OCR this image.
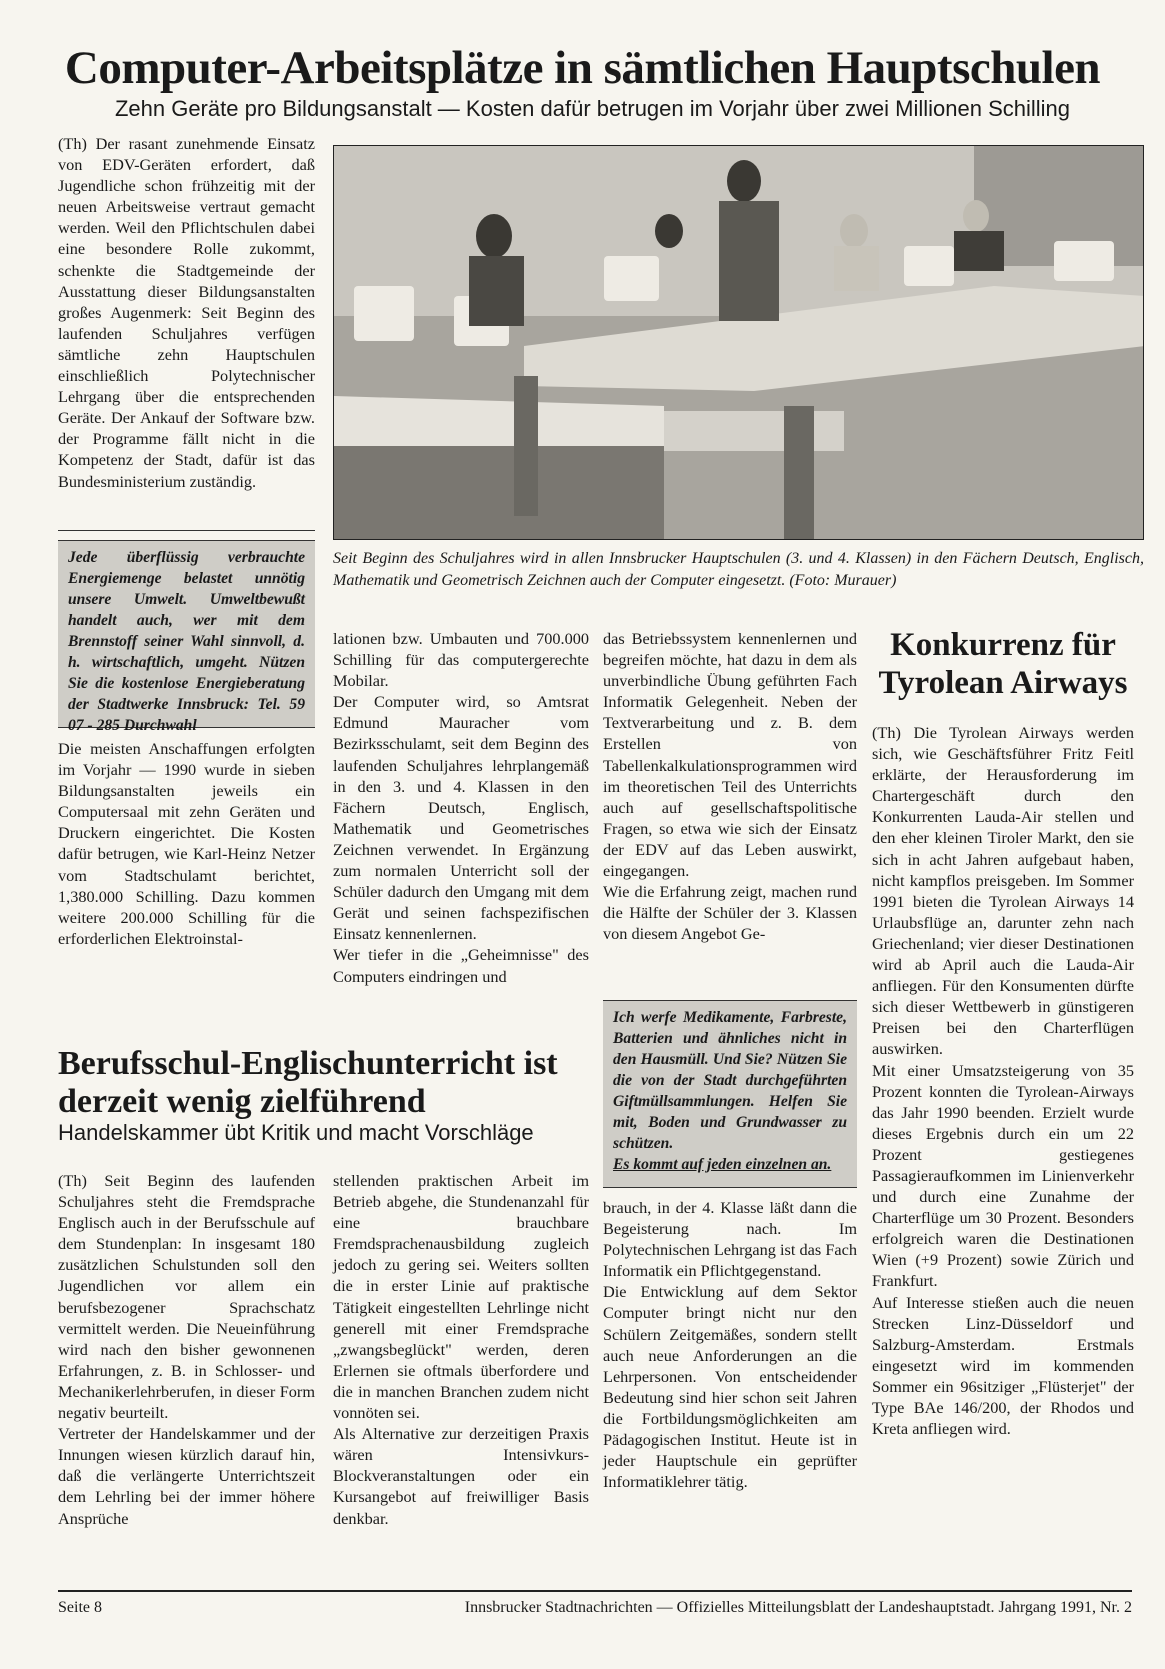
Computer-Arbeitsplätze in sämtlichen Hauptschulen
Zehn Geräte pro Bildungsanstalt — Kosten dafür betrugen im Vorjahr über zwei Millionen Schilling

(Th) Der rasant zunehmende Einsatz von EDV-Geräten erfordert, daß Jugendliche schon frühzeitig mit der neuen Arbeitsweise vertraut gemacht werden. Weil den Pflichtschulen dabei eine besondere Rolle zukommt, schenkte die Stadtgemeinde der Ausstattung dieser Bildungsanstalten großes Augenmerk: Seit Beginn des laufenden Schuljahres verfügen sämtliche zehn Hauptschulen einschließlich Polytechnischer Lehrgang über die entsprechenden Geräte. Der Ankauf der Software bzw. der Programme fällt nicht in die Kompetenz der Stadt, dafür ist das Bundesministerium zuständig.

Jede überflüssig verbrauchte Energiemenge belastet unnötig unsere Umwelt. Umweltbewußt handelt auch, wer mit dem Brennstoff seiner Wahl sinnvoll, d. h. wirtschaftlich, umgeht. Nützen Sie die kostenlose Energieberatung der Stadtwerke Innsbruck: Tel. 59 07 - 285 Durchwahl

Die meisten Anschaffungen erfolgten im Vorjahr — 1990 wurde in sieben Bildungsanstalten jeweils ein Computersaal mit zehn Geräten und Druckern eingerichtet. Die Kosten dafür betrugen, wie Karl-Heinz Netzer vom Stadtschulamt berichtet, 1,380.000 Schilling. Dazu kommen weitere 200.000 Schilling für die erforderlichen Elektroinstal-

Seit Beginn des Schuljahres wird in allen Innsbrucker Hauptschulen (3. und 4. Klassen) in den Fächern Deutsch, Englisch, Mathematik und Geometrisch Zeichnen auch der Computer eingesetzt. (Foto: Murauer)

lationen bzw. Umbauten und 700.000 Schilling für das computergerechte Mobilar.

Der Computer wird, so Amtsrat Edmund Mauracher vom Bezirksschulamt, seit dem Beginn des laufenden Schuljahres lehrplangemäß in den 3. und 4. Klassen in den Fächern Deutsch, Englisch, Mathematik und Geometrisches Zeichnen verwendet. In Ergänzung zum normalen Unterricht soll der Schüler dadurch den Umgang mit dem Gerät und seinen fachspezifischen Einsatz kennenlernen.

Wer tiefer in die „Geheimnisse" des Computers eindringen und

das Betriebssystem kennenlernen und begreifen möchte, hat dazu in dem als unverbindliche Übung geführten Fach Informatik Gelegenheit. Neben der Textverarbeitung und z. B. dem Erstellen von Tabellenkalkulationsprogrammen wird im theoretischen Teil des Unterrichts auch auf gesellschaftspolitische Fragen, so etwa wie sich der Einsatz der EDV auf das Leben auswirkt, eingegangen.

Wie die Erfahrung zeigt, machen rund die Hälfte der Schüler der 3. Klassen von diesem Angebot Ge-

Ich werfe Medikamente, Farbreste, Batterien und ähnliches nicht in den Hausmüll. Und Sie? Nützen Sie die von der Stadt durchgeführten Giftmüllsammlungen. Helfen Sie mit, Boden und Grundwasser zu schützen.
Es kommt auf jeden einzelnen an.

brauch, in der 4. Klasse läßt dann die Begeisterung nach. Im Polytechnischen Lehrgang ist das Fach Informatik ein Pflichtgegenstand.

Die Entwicklung auf dem Sektor Computer bringt nicht nur den Schülern Zeitgemäßes, sondern stellt auch neue Anforderungen an die Lehrpersonen. Von entscheidender Bedeutung sind hier schon seit Jahren die Fortbildungsmöglichkeiten am Pädagogischen Institut. Heute ist in jeder Hauptschule ein geprüfter Informatiklehrer tätig.

Berufsschul-Englischunterricht ist derzeit wenig zielführend
Handelskammer übt Kritik und macht Vorschläge

(Th) Seit Beginn des laufenden Schuljahres steht die Fremdsprache Englisch auch in der Berufsschule auf dem Stundenplan: In insgesamt 180 zusätzlichen Schulstunden soll den Jugendlichen vor allem ein berufsbezogener Sprachschatz vermittelt werden. Die Neueinführung wird nach den bisher gewonnenen Erfahrungen, z. B. in Schlosser- und Mechanikerlehrberufen, in dieser Form negativ beurteilt.

Vertreter der Handelskammer und der Innungen wiesen kürzlich darauf hin, daß die verlängerte Unterrichtszeit dem Lehrling bei der immer höhere Ansprüche

stellenden praktischen Arbeit im Betrieb abgehe, die Stundenanzahl für eine brauchbare Fremdsprachenausbildung zugleich jedoch zu gering sei. Weiters sollten die in erster Linie auf praktische Tätigkeit eingestellten Lehrlinge nicht generell mit einer Fremdsprache „zwangsbeglückt" werden, deren Erlernen sie oftmals überfordere und die in manchen Branchen zudem nicht vonnöten sei.

Als Alternative zur derzeitigen Praxis wären Intensivkurs-Blockveranstaltungen oder ein Kursangebot auf freiwilliger Basis denkbar.

Konkurrenz für Tyrolean Airways

(Th) Die Tyrolean Airways werden sich, wie Geschäftsführer Fritz Feitl erklärte, der Herausforderung im Chartergeschäft durch den Konkurrenten Lauda-Air stellen und den eher kleinen Tiroler Markt, den sie sich in acht Jahren aufgebaut haben, nicht kampflos preisgeben. Im Sommer 1991 bieten die Tyrolean Airways 14 Urlaubsflüge an, darunter zehn nach Griechenland; vier dieser Destinationen wird ab April auch die Lauda-Air anfliegen. Für den Konsumenten dürfte sich dieser Wettbewerb in günstigeren Preisen bei den Charterflügen auswirken.

Mit einer Umsatzsteigerung von 35 Prozent konnten die Tyrolean-Airways das Jahr 1990 beenden. Erzielt wurde dieses Ergebnis durch ein um 22 Prozent gestiegenes Passagieraufkommen im Linienverkehr und durch eine Zunahme der Charterflüge um 30 Prozent. Besonders erfolgreich waren die Destinationen Wien (+9 Prozent) sowie Zürich und Frankfurt.

Auf Interesse stießen auch die neuen Strecken Linz-Düsseldorf und Salzburg-Amsterdam. Erstmals eingesetzt wird im kommenden Sommer ein 96sitziger „Flüsterjet" der Type BAe 146/200, der Rhodos und Kreta anfliegen wird.

Seite 8	Innsbrucker Stadtnachrichten — Offizielles Mitteilungsblatt der Landeshauptstadt. Jahrgang 1991, Nr. 2
